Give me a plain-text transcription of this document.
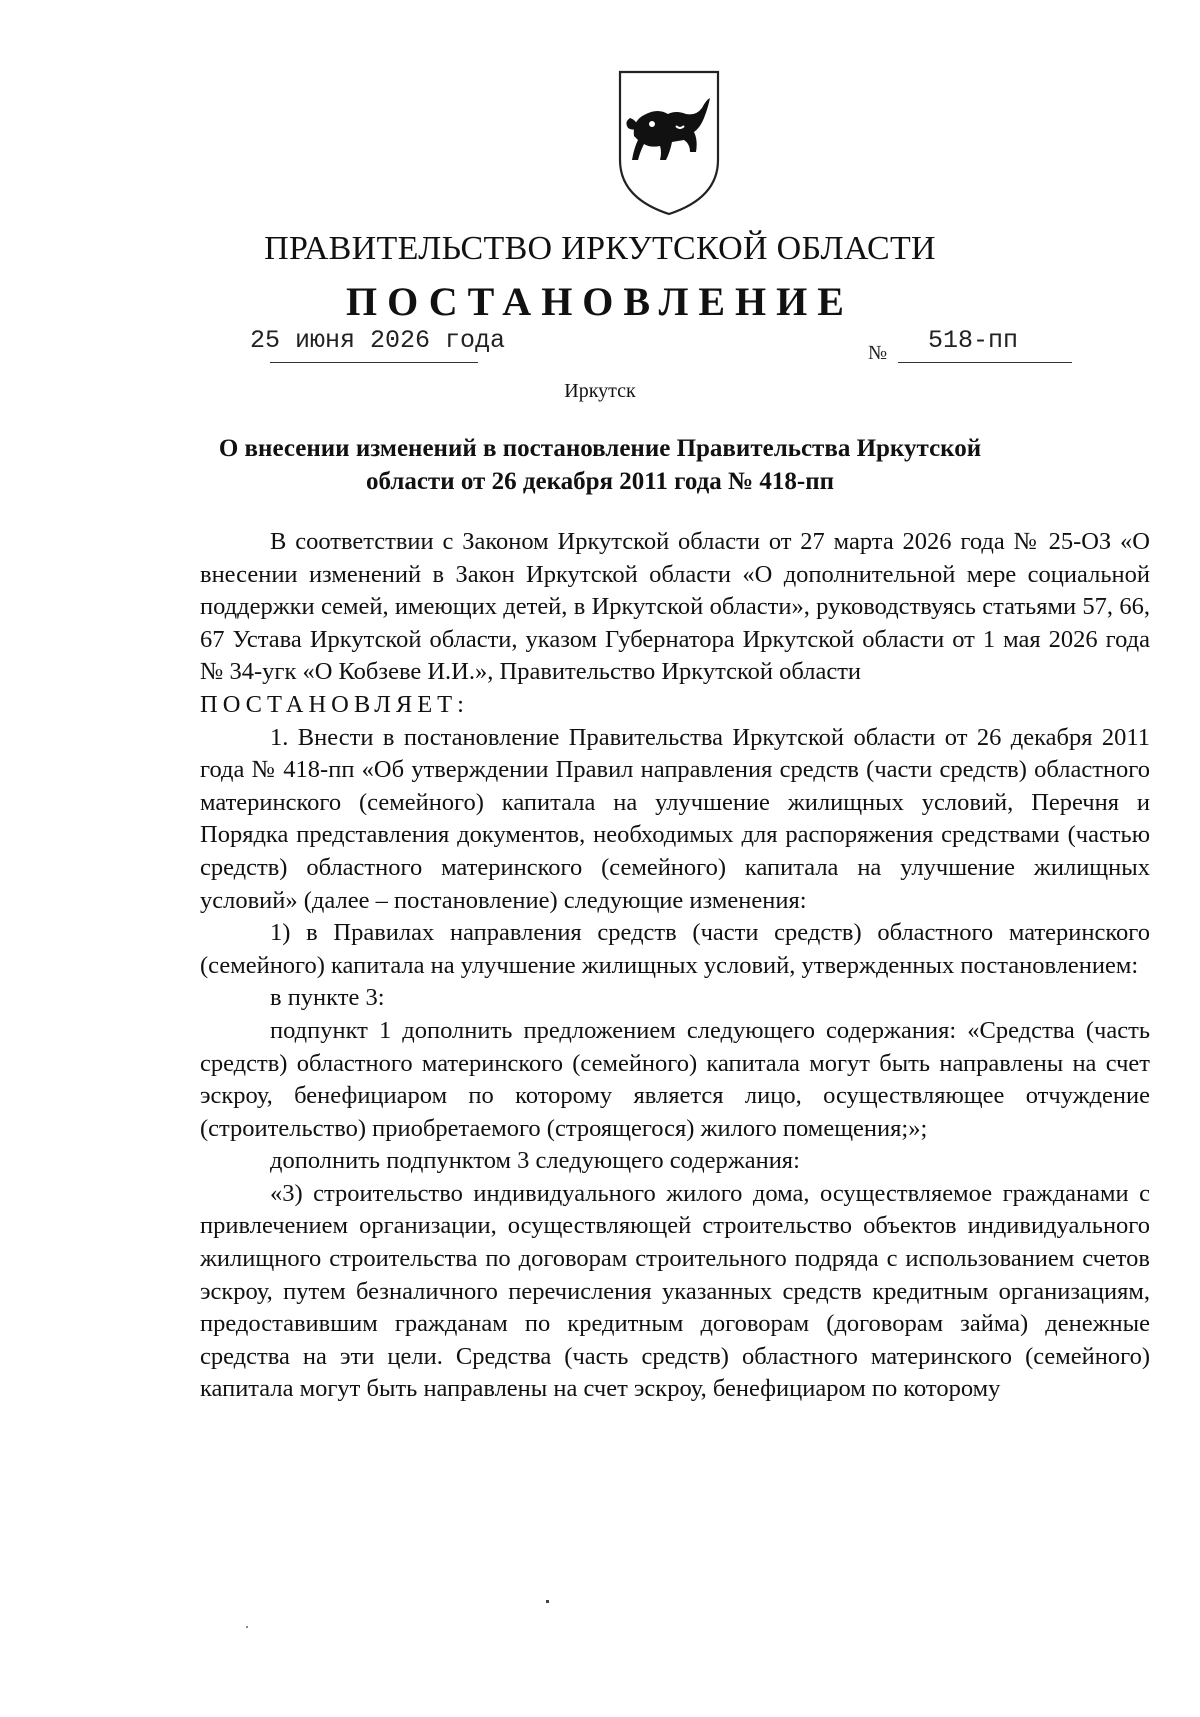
ПРАВИТЕЛЬСТВО ИРКУТСКОЙ ОБЛАСТИ
ПОСТАНОВЛЕНИЕ
25 июня 2026 года	№ 518-пп
Иркутск
О внесении изменений в постановление Правительства Иркутской
области от 26 декабря 2011 года № 418-пп

В соответствии с Законом Иркутской области от 27 марта 2026 года № 25-ОЗ «О внесении изменений в Закон Иркутской области «О дополнительной мере социальной поддержки семей, имеющих детей, в Иркутской области», руководствуясь статьями 57, 66, 67 Устава Иркутской области, указом Губернатора Иркутской области от 1 мая 2026 года № 34-угк «О Кобзеве И.И.», Правительство Иркутской области

ПОСТАНОВЛЯЕТ:

1. Внести в постановление Правительства Иркутской области от 26 декабря 2011 года № 418-пп «Об утверждении Правил направления средств (части средств) областного материнского (семейного) капитала на улучшение жилищных условий, Перечня и Порядка представления документов, необходимых для распоряжения средствами (частью средств) областного материнского (семейного) капитала на улучшение жилищных условий» (далее – постановление) следующие изменения:

1) в Правилах направления средств (части средств) областного материнского (семейного) капитала на улучшение жилищных условий, утвержденных постановлением:

в пункте 3:

подпункт 1 дополнить предложением следующего содержания: «Средства (часть средств) областного материнского (семейного) капитала могут быть направлены на счет эскроу, бенефициаром по которому является лицо, осуществляющее отчуждение (строительство) приобретаемого (строящегося) жилого помещения;»;

дополнить подпунктом 3 следующего содержания:

«3) строительство индивидуального жилого дома, осуществляемое гражданами с привлечением организации, осуществляющей строительство объектов индивидуального жилищного строительства по договорам строительного подряда с использованием счетов эскроу, путем безналичного перечисления указанных средств кредитным организациям, предоставившим гражданам по кредитным договорам (договорам займа) денежные средства на эти цели. Средства (часть средств) областного материнского (семейного) капитала могут быть направлены на счет эскроу, бенефициаром по которому
